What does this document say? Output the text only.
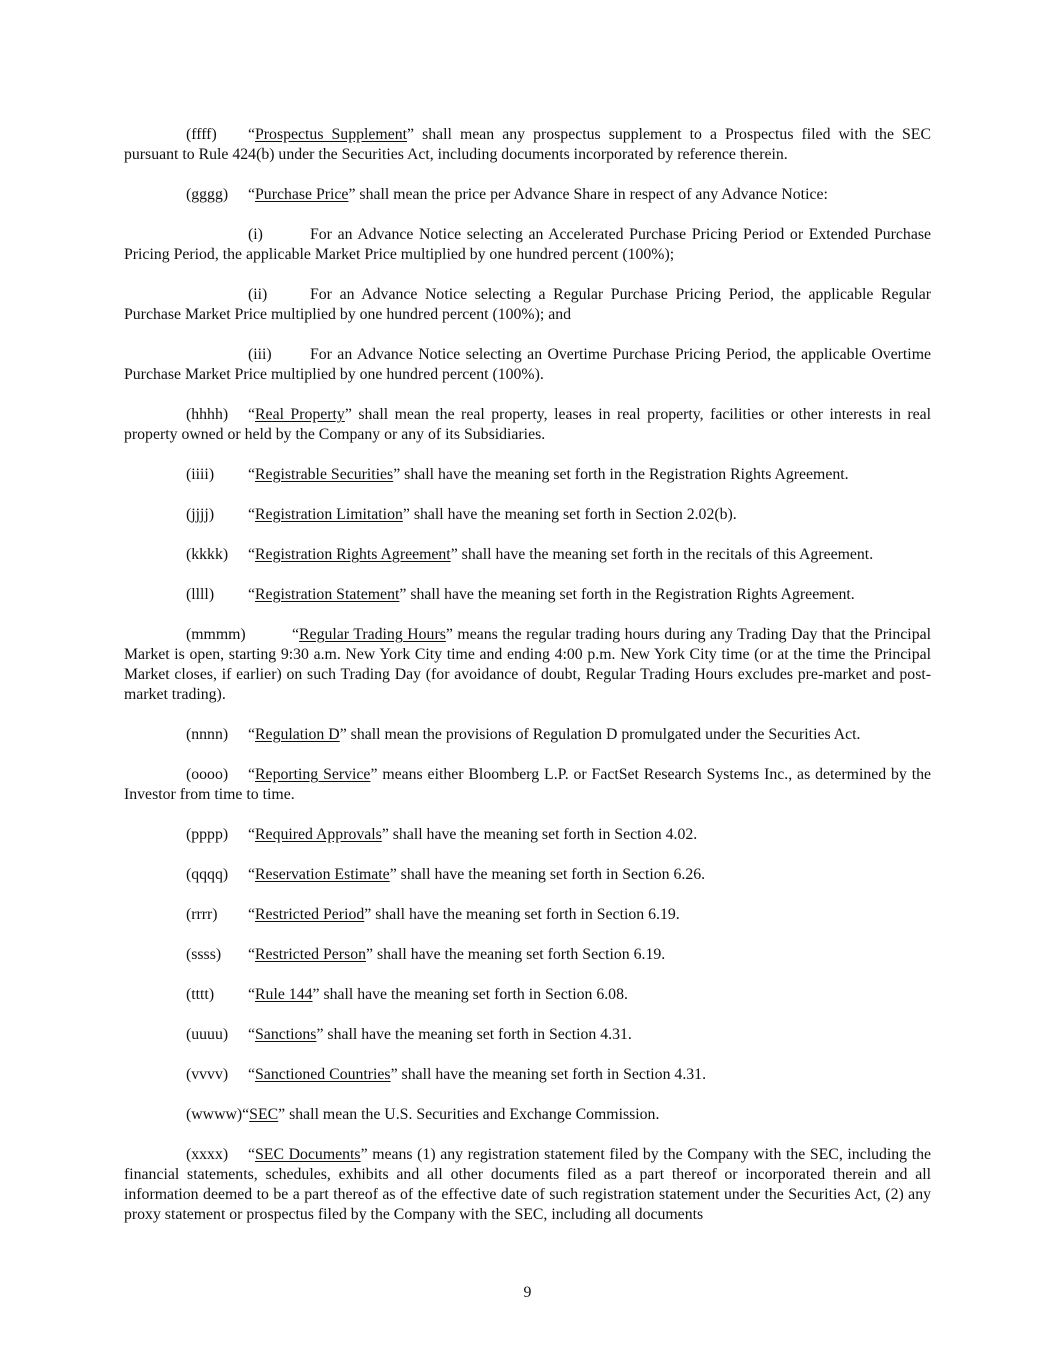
(ffff) “Prospectus Supplement” shall mean any prospectus supplement to a Prospectus filed with the SEC pursuant to Rule 424(b) under the Securities Act, including documents incorporated by reference therein.

(gggg) “Purchase Price” shall mean the price per Advance Share in respect of any Advance Notice:

(i)	For an Advance Notice selecting an Accelerated Purchase Pricing Period or Extended Purchase Pricing Period, the applicable Market Price multiplied by one hundred percent (100%);

(ii)	For an Advance Notice selecting a Regular Purchase Pricing Period, the applicable Regular Purchase Market Price multiplied by one hundred percent (100%); and

(iii) For an Advance Notice selecting an Overtime Purchase Pricing Period, the applicable Overtime Purchase Market Price multiplied by one hundred percent (100%).

(hhhh) “Real Property” shall mean the real property, leases in real property, facilities or other interests in real property owned or held by the Company or any of its Subsidiaries.

(iiii) “Registrable Securities” shall have the meaning set forth in the Registration Rights Agreement.

(jjjj) “Registration Limitation” shall have the meaning set forth in Section 2.02(b).

(kkkk) “Registration Rights Agreement” shall have the meaning set forth in the recitals of this Agreement.

(llll) “Registration Statement” shall have the meaning set forth in the Registration Rights Agreement.

(mmmm)	“Regular Trading Hours” means the regular trading hours during any Trading Day that the Principal Market is open, starting 9:30 a.m. New York City time and ending 4:00 p.m. New York City time (or at the time the Principal Market closes, if earlier) on such Trading Day (for avoidance of doubt, Regular Trading Hours excludes pre-market and post-market trading).

(nnnn) “Regulation D” shall mean the provisions of Regulation D promulgated under the Securities Act.

(oooo) “Reporting Service” means either Bloomberg L.P. or FactSet Research Systems Inc., as determined by the Investor from time to time.

(pppp) “Required Approvals” shall have the meaning set forth in Section 4.02.

(qqqq) “Reservation Estimate” shall have the meaning set forth in Section 6.26.

(rrrr) “Restricted Period” shall have the meaning set forth in Section 6.19.

(ssss) “Restricted Person” shall have the meaning set forth Section 6.19.

(tttt) “Rule 144” shall have the meaning set forth in Section 6.08.

(uuuu) “Sanctions” shall have the meaning set forth in Section 4.31.

(vvvv) “Sanctioned Countries” shall have the meaning set forth in Section 4.31.

(wwww)“SEC” shall mean the U.S. Securities and Exchange Commission.

(xxxx) “SEC Documents” means (1) any registration statement filed by the Company with the SEC, including the financial statements, schedules, exhibits and all other documents filed as a part thereof or incorporated therein and all information deemed to be a part thereof as of the effective date of such registration statement under the Securities Act, (2) any proxy statement or prospectus filed by the Company with the SEC, including all documents

9
